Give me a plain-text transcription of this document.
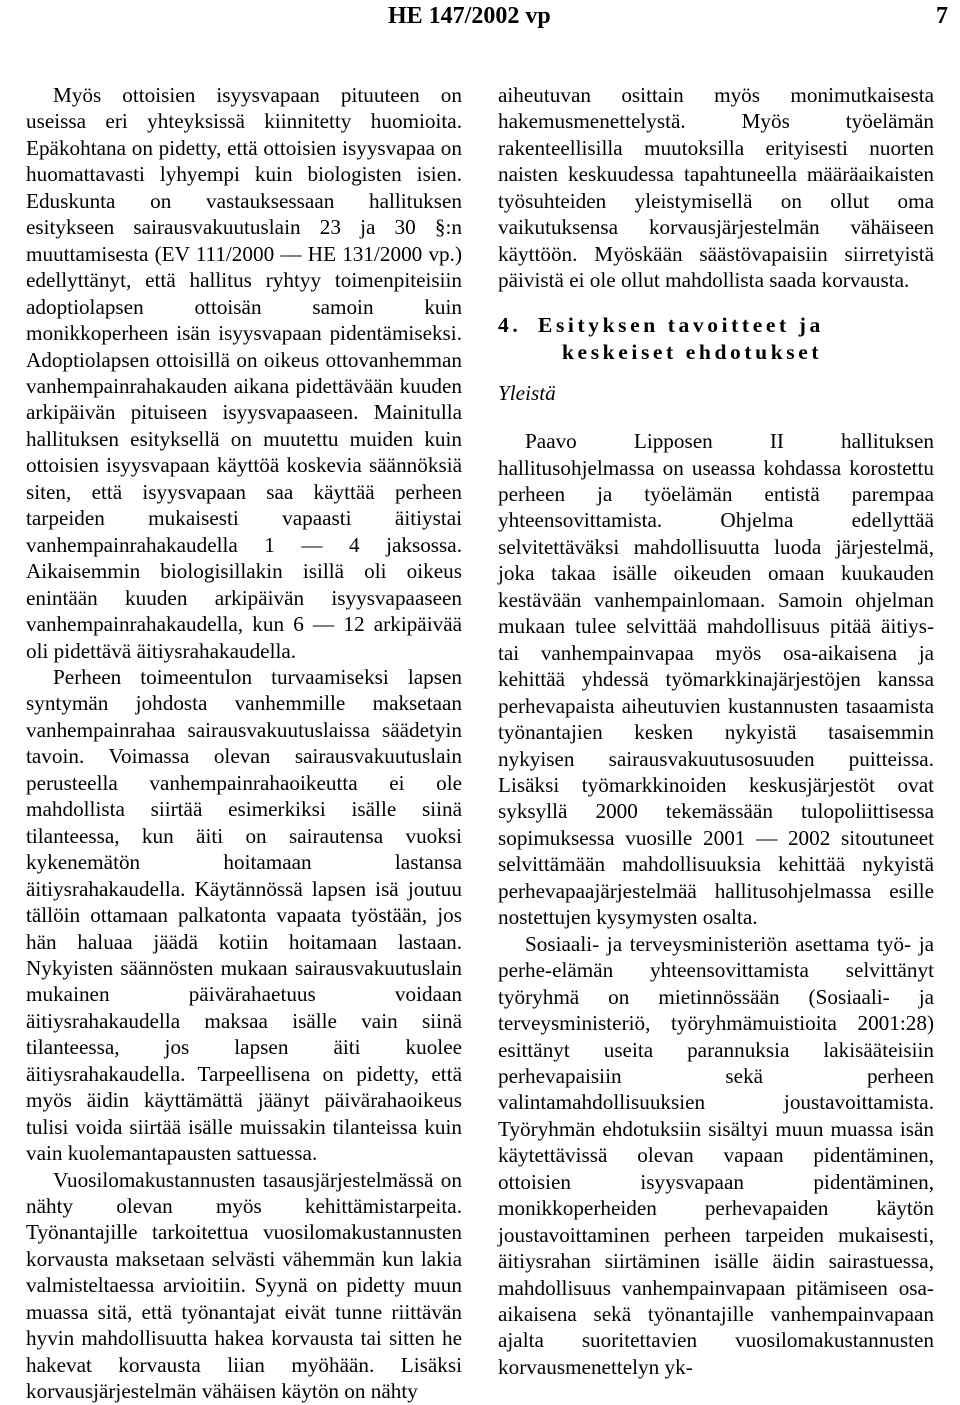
HE 147/2002 vp	7

Myös ottoisien isyysvapaan pituuteen on useissa eri yhteyksissä kiinnitetty huomioita. Epäkohtana on pidetty, että ottoisien isyysvapaa on huomattavasti lyhyempi kuin biologisten isien. Eduskunta on vastauksessaan hallituksen esitykseen sairausvakuutuslain 23 ja 30 §:n muuttamisesta (EV 111/2000 — HE 131/2000 vp.) edellyttänyt, että hallitus ryhtyy toimenpiteisiin adoptiolapsen ottoisän samoin kuin monikkoperheen isän isyysvapaan pidentämiseksi. Adoptiolapsen ottoisillä on oikeus ottovanhemman vanhempainrahakauden aikana pidettävään kuuden arkipäivän pituiseen isyysvapaaseen. Mainitulla hallituksen esityksellä on muutettu muiden kuin ottoisien isyysvapaan käyttöä koskevia säännöksiä siten, että isyysvapaan saa käyttää perheen tarpeiden mukaisesti vapaasti äitiystai vanhempainrahakaudella 1 — 4 jaksossa. Aikaisemmin biologisillakin isillä oli oikeus enintään kuuden arkipäivän isyysvapaaseen vanhempainrahakaudella, kun 6 — 12 arkipäivää oli pidettävä äitiysrahakaudella.

Perheen toimeentulon turvaamiseksi lapsen syntymän johdosta vanhemmille maksetaan vanhempainrahaa sairausvakuutuslaissa säädetyin tavoin. Voimassa olevan sairausvakuutuslain perusteella vanhempainrahaoikeutta ei ole mahdollista siirtää esimerkiksi isälle siinä tilanteessa, kun äiti on sairautensa vuoksi kykenemätön hoitamaan lastansa äitiysrahakaudella. Käytännössä lapsen isä joutuu tällöin ottamaan palkatonta vapaata työstään, jos hän haluaa jäädä kotiin hoitamaan lastaan. Nykyisten säännösten mukaan sairausvakuutuslain mukainen päivärahaetuus voidaan äitiysrahakaudella maksaa isälle vain siinä tilanteessa, jos lapsen äiti kuolee äitiysrahakaudella. Tarpeellisena on pidetty, että myös äidin käyttämättä jäänyt päivärahaoikeus tulisi voida siirtää isälle muissakin tilanteissa kuin vain kuolemantapausten sattuessa.

Vuosilomakustannusten tasausjärjestelmässä on nähty olevan myös kehittämistarpeita. Työnantajille tarkoitettua vuosilomakustannusten korvausta maksetaan selvästi vähemmän kun lakia valmisteltaessa arvioitiin. Syynä on pidetty muun muassa sitä, että työnantajat eivät tunne riittävän hyvin mahdollisuutta hakea korvausta tai sitten he hakevat korvausta liian myöhään. Lisäksi korvausjärjestelmän vähäisen käytön on nähty

aiheutuvan osittain myös monimutkaisesta hakemusmenettelystä. Myös työelämän rakenteellisilla muutoksilla erityisesti nuorten naisten keskuudessa tapahtuneella määräaikaisten työsuhteiden yleistymisellä on ollut oma vaikutuksensa korvausjärjestelmän vähäiseen käyttöön. Myöskään säästövapaisiin siirretyistä päivistä ei ole ollut mahdollista saada korvausta.

4. Esityksen tavoitteet ja keskeiset ehdotukset
Yleistä

Paavo Lipposen II hallituksen hallitusohjelmassa on useassa kohdassa korostettu perheen ja työelämän entistä parempaa yhteensovittamista. Ohjelma edellyttää selvitettäväksi mahdollisuutta luoda järjestelmä, joka takaa isälle oikeuden omaan kuukauden kestävään vanhempainlomaan. Samoin ohjelman mukaan tulee selvittää mahdollisuus pitää äitiys- tai vanhempainvapaa myös osa-aikaisena ja kehittää yhdessä työmarkkinajärjestöjen kanssa perhevapaista aiheutuvien kustannusten tasaamista työnantajien kesken nykyistä tasaisemmin nykyisen sairausvakuutusosuuden puitteissa. Lisäksi työmarkkinoiden keskusjärjestöt ovat syksyllä 2000 tekemässään tulopoliittisessa sopimuksessa vuosille 2001 — 2002 sitoutuneet selvittämään mahdollisuuksia kehittää nykyistä perhevapaajärjestelmää hallitusohjelmassa esille nostettujen kysymysten osalta.

Sosiaali- ja terveysministeriön asettama työ- ja perhe-elämän yhteensovittamista selvittänyt työryhmä on mietinnössään (Sosiaali- ja terveysministeriö, työryhmämuistioita 2001:28) esittänyt useita parannuksia lakisääteisiin perhevapaisiin sekä perheen valintamahdollisuuksien joustavoittamista. Työryhmän ehdotuksiin sisältyi muun muassa isän käytettävissä olevan vapaan pidentäminen, ottoisien isyysvapaan pidentäminen, monikkoperheiden perhevapaiden käytön joustavoittaminen perheen tarpeiden mukaisesti, äitiysrahan siirtäminen isälle äidin sairastuessa, mahdollisuus vanhempainvapaan pitämiseen osa-aikaisena sekä työnantajille vanhempainvapaan ajalta suoritettavien vuosilomakustannusten korvausmenettelyn yk-
